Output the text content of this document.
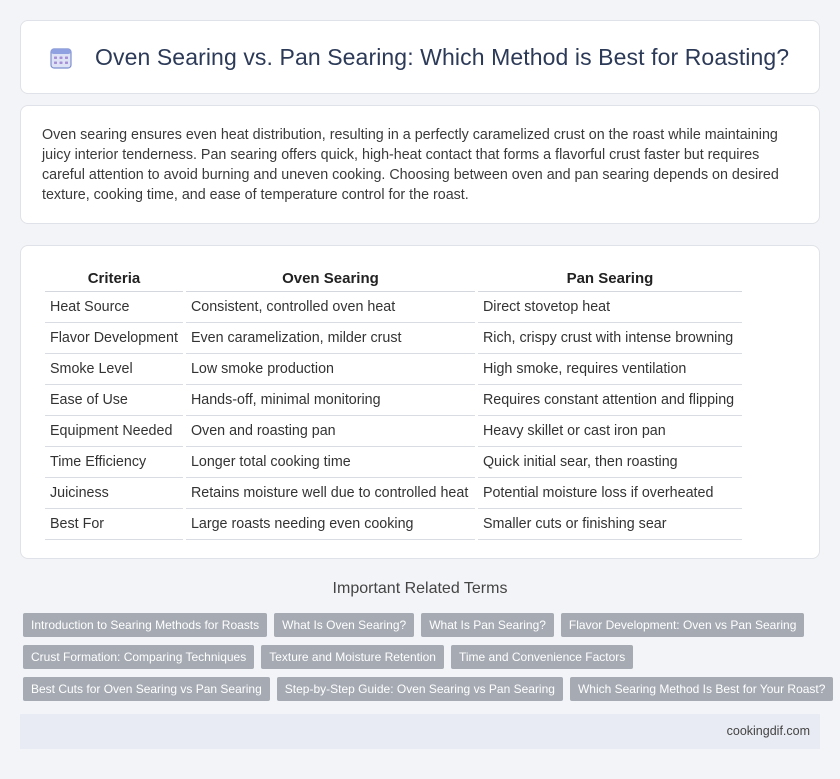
Oven Searing vs. Pan Searing: Which Method is Best for Roasting?

Oven searing ensures even heat distribution, resulting in a perfectly caramelized crust on the roast while maintaining juicy interior tenderness. Pan searing offers quick, high-heat contact that forms a flavorful crust faster but requires careful attention to avoid burning and uneven cooking. Choosing between oven and pan searing depends on desired texture, cooking time, and ease of temperature control for the roast.

Criteria	Oven Searing	Pan Searing
Heat Source	Consistent, controlled oven heat	Direct stovetop heat
Flavor Development	Even caramelization, milder crust	Rich, crispy crust with intense browning
Smoke Level	Low smoke production	High smoke, requires ventilation
Ease of Use	Hands-off, minimal monitoring	Requires constant attention and flipping
Equipment Needed	Oven and roasting pan	Heavy skillet or cast iron pan
Time Efficiency	Longer total cooking time	Quick initial sear, then roasting
Juiciness	Retains moisture well due to controlled heat	Potential moisture loss if overheated
Best For	Large roasts needing even cooking	Smaller cuts or finishing sear
Important Related Terms
Introduction to Searing Methods for Roasts	What Is Oven Searing?	What Is Pan Searing?	Flavor Development: Oven vs Pan Searing
Crust Formation: Comparing Techniques	Texture and Moisture Retention	Time and Convenience Factors
Best Cuts for Oven Searing vs Pan Searing	Step-by-Step Guide: Oven Searing vs Pan Searing	Which Searing Method Is Best for Your Roast?
cookingdif.com
